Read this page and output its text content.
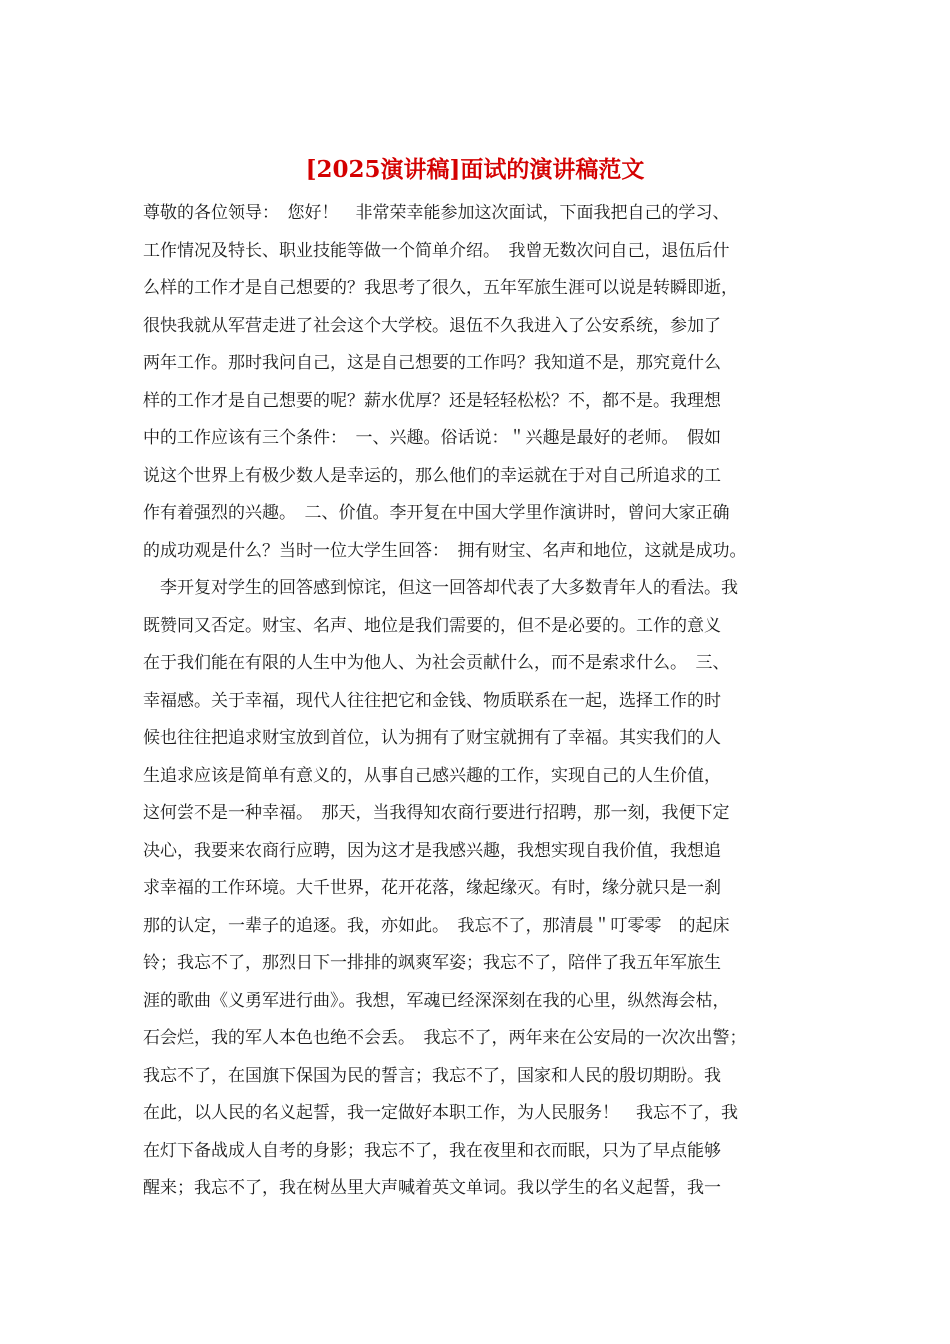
[2025演讲稿]面试的演讲稿范文
尊敬的各位领导：　您好！　非常荣幸能参加这次面试，下面我把自己的学习、
工作情况及特长、职业技能等做一个简单介绍。　我曾无数次问自己，退伍后什
么样的工作才是自己想要的？我思考了很久，五年军旅生涯可以说是转瞬即逝，
很快我就从军营走进了社会这个大学校。退伍不久我进入了公安系统，参加了
两年工作。那时我问自己，这是自己想要的工作吗？我知道不是，那究竟什么
样的工作才是自己想要的呢？薪水优厚？还是轻轻松松？不，都不是。我理想
中的工作应该有三个条件：　一、兴趣。俗话说：＂兴趣是最好的老师。　假如
说这个世界上有极少数人是幸运的，那么他们的幸运就在于对自己所追求的工
作有着强烈的兴趣。　二、价值。李开复在中国大学里作演讲时，曾问大家正确
的成功观是什么？当时一位大学生回答：　拥有财宝、名声和地位，这就是成功。
　李开复对学生的回答感到惊诧，但这一回答却代表了大多数青年人的看法。我
既赞同又否定。财宝、名声、地位是我们需要的，但不是必要的。工作的意义
在于我们能在有限的人生中为他人、为社会贡献什么，而不是索求什么。　三、
幸福感。关于幸福，现代人往往把它和金钱、物质联系在一起，选择工作的时
候也往往把追求财宝放到首位，认为拥有了财宝就拥有了幸福。其实我们的人
生追求应该是简单有意义的，从事自己感兴趣的工作，实现自己的人生价值，
这何尝不是一种幸福。　那天，当我得知农商行要进行招聘，那一刻，我便下定
决心，我要来农商行应聘，因为这才是我感兴趣，我想实现自我价值，我想追
求幸福的工作环境。大千世界，花开花落，缘起缘灭。有时，缘分就只是一刹
那的认定，一辈子的追逐。我，亦如此。　我忘不了，那清晨＂叮零零　的起床
铃；我忘不了，那烈日下一排排的飒爽军姿；我忘不了，陪伴了我五年军旅生
涯的歌曲《义勇军进行曲》。我想，军魂已经深深刻在我的心里，纵然海会枯，
石会烂，我的军人本色也绝不会丢。　我忘不了，两年来在公安局的一次次出警；
我忘不了，在国旗下保国为民的誓言；我忘不了，国家和人民的殷切期盼。我
在此，以人民的名义起誓，我一定做好本职工作，为人民服务！　我忘不了，我
在灯下备战成人自考的身影；我忘不了，我在夜里和衣而眠，只为了早点能够
醒来；我忘不了，我在树丛里大声喊着英文单词。我以学生的名义起誓，我一
